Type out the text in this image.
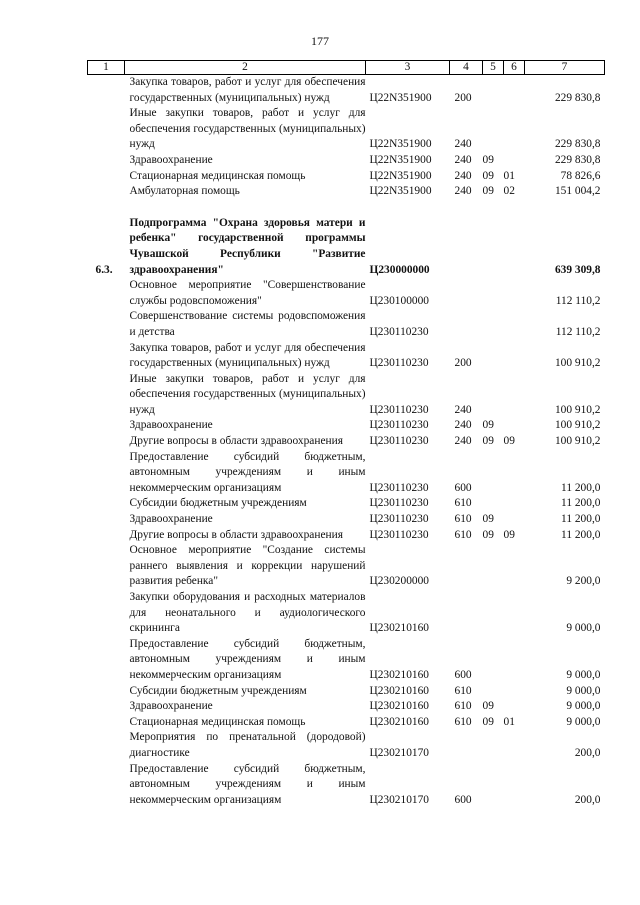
177
1	2	3	4	5	6	7
	Закупка товаров, работ и услуг для обеспечения государственных (муниципальных) нужд	Ц22N351900	200			229 830,8
	Иные закупки товаров, работ и услуг для обеспечения государственных (муниципальных) нужд	Ц22N351900	240			229 830,8
	Здравоохранение	Ц22N351900	240	09		229 830,8
	Стационарная медицинская помощь	Ц22N351900	240	09	01	78 826,6
	Амбулаторная помощь	Ц22N351900	240	09	02	151 004,2

6.3.	Подпрограмма "Охрана здоровья матери и ребенка" государственной программы Чувашской Республики "Развитие здравоохранения"	Ц230000000				639 309,8
	Основное мероприятие "Совершенствование службы родовспоможения"	Ц230100000				112 110,2
	Совершенствование системы родовспоможения и детства	Ц230110230				112 110,2
	Закупка товаров, работ и услуг для обеспечения государственных (муниципальных) нужд	Ц230110230	200			100 910,2
	Иные закупки товаров, работ и услуг для обеспечения государственных (муниципальных) нужд	Ц230110230	240			100 910,2
	Здравоохранение	Ц230110230	240	09		100 910,2
	Другие вопросы в области здравоохранения	Ц230110230	240	09	09	100 910,2
	Предоставление субсидий бюджетным, автономным учреждениям и иным некоммерческим организациям	Ц230110230	600			11 200,0
	Субсидии бюджетным учреждениям	Ц230110230	610			11 200,0
	Здравоохранение	Ц230110230	610	09		11 200,0
	Другие вопросы в области здравоохранения	Ц230110230	610	09	09	11 200,0
	Основное мероприятие "Создание системы раннего выявления и коррекции нарушений развития ребенка"	Ц230200000				9 200,0
	Закупки оборудования и расходных материалов для неонатального и аудиологического скрининга	Ц230210160				9 000,0
	Предоставление субсидий бюджетным, автономным учреждениям и иным некоммерческим организациям	Ц230210160	600			9 000,0
	Субсидии бюджетным учреждениям	Ц230210160	610			9 000,0
	Здравоохранение	Ц230210160	610	09		9 000,0
	Стационарная медицинская помощь	Ц230210160	610	09	01	9 000,0
	Мероприятия по пренатальной (дородовой) диагностике	Ц230210170				200,0
	Предоставление субсидий бюджетным, автономным учреждениям и иным некоммерческим организациям	Ц230210170	600			200,0
